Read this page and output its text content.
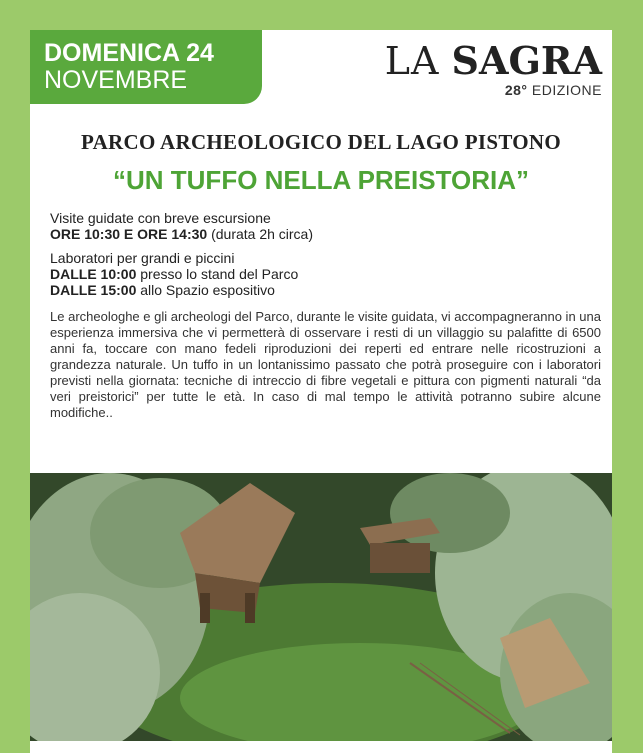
DOMENICA 24
NOVEMBRE	LA SAGRA
28° EDIZIONE
PARCO ARCHEOLOGICO DEL LAGO PISTONO
“UN TUFFO NELLA PREISTORIA”
Visite guidate con breve escursione
ORE 10:30 E ORE 14:30 (durata 2h circa)
Laboratori per grandi e piccini
DALLE 10:00 presso lo stand del Parco
DALLE 15:00 allo Spazio espositivo

Le archeologhe e gli archeologi del Parco, durante le visite guidata, vi accompagneranno in una esperienza immersiva che vi permetterà di osservare i resti di un villaggio su palafitte di 6500 anni fa, toccare con mano fedeli riproduzioni dei reperti ed entrare nelle ricostruzioni a grandezza naturale. Un tuffo in un lontanissimo passato che potrà proseguire con i laboratori previsti nella giornata: tecniche di intreccio di fibre vegetali e pittura con pigmenti naturali “da veri preistorici” per tutte le età. In caso di mal tempo le attività potranno subire alcune modifiche..
